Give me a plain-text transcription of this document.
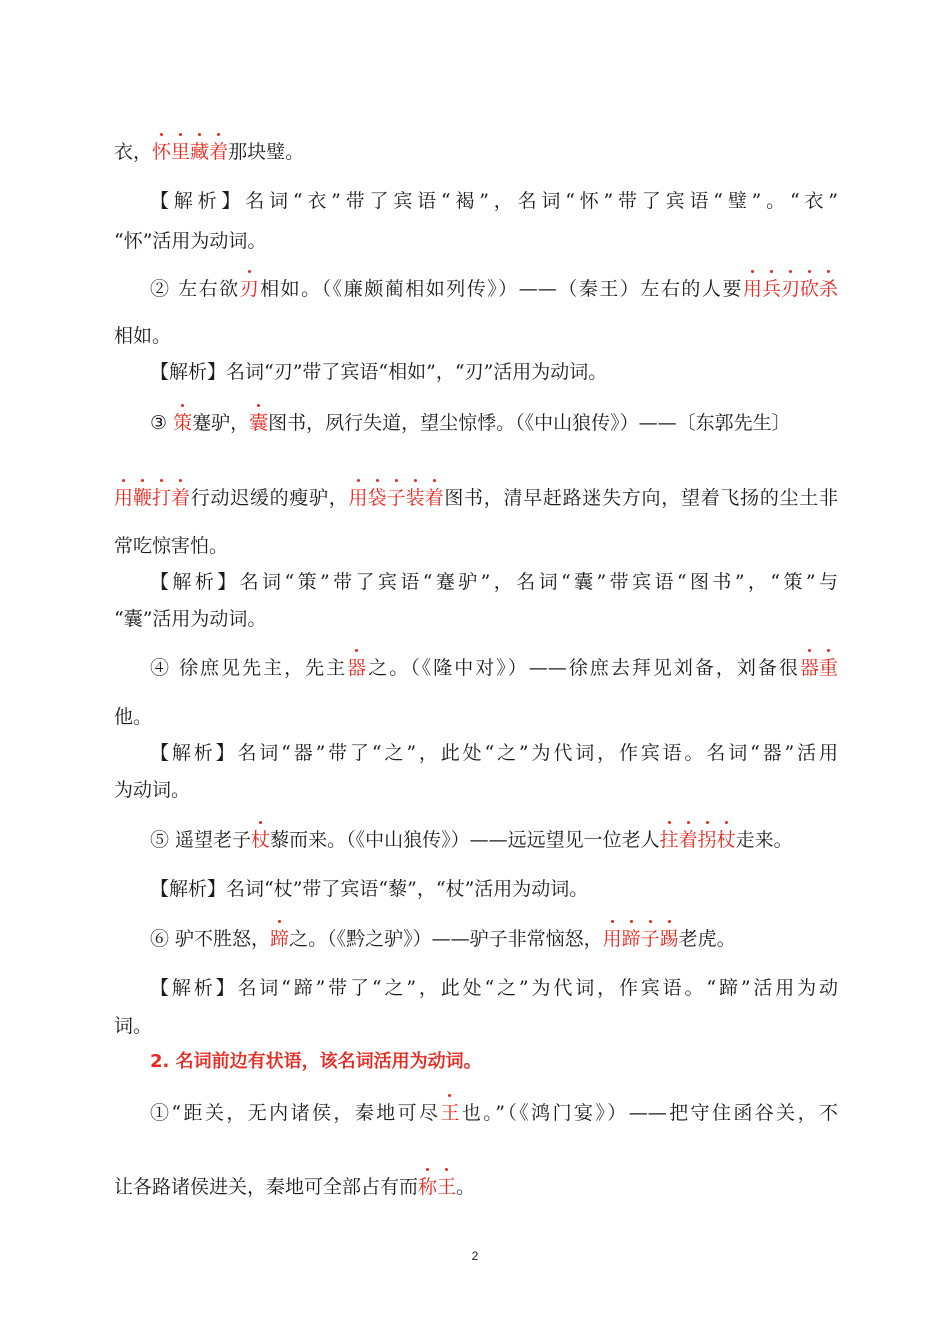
衣，怀里藏着那块璧。
【解析】名词“衣”带了宾语“褐”，名词“怀”带了宾语“璧”。“衣”
“怀”活用为动词。
② 左右欲刃相如。（《廉颇蔺相如列传》）——（秦王）左右的人要用兵刃砍杀
相如。
【解析】名词“刃”带了宾语“相如”，“刃”活用为动词。
③ 策蹇驴，囊图书，夙行失道，望尘惊悸。（《中山狼传》）——〔东郭先生〕
用鞭打着行动迟缓的瘦驴，用袋子装着图书，清早赶路迷失方向，望着飞扬的尘土非
常吃惊害怕。
【解析】名词“策”带了宾语“蹇驴”，名词“囊”带宾语“图书”，“策”与
“囊”活用为动词。
④ 徐庶见先主，先主器之。（《隆中对》）——徐庶去拜见刘备，刘备很器重
他。
【解析】名词“器”带了“之”，此处“之”为代词，作宾语。名词“器”活用
为动词。
⑤ 遥望老子杖藜而来。（《中山狼传》）——远远望见一位老人拄着拐杖走来。
【解析】名词“杖”带了宾语“藜”，“杖”活用为动词。
⑥ 驴不胜怒，蹄之。（《黔之驴》）——驴子非常恼怒，用蹄子踢老虎。
【解析】名词“蹄”带了“之”，此处“之”为代词，作宾语。“蹄”活用为动
词。
2. 名词前边有状语，该名词活用为动词。
①“距关，无内诸侯，秦地可尽王也。”（《鸿门宴》）——把守住函谷关，不
让各路诸侯进关，秦地可全部占有而称王。
2
